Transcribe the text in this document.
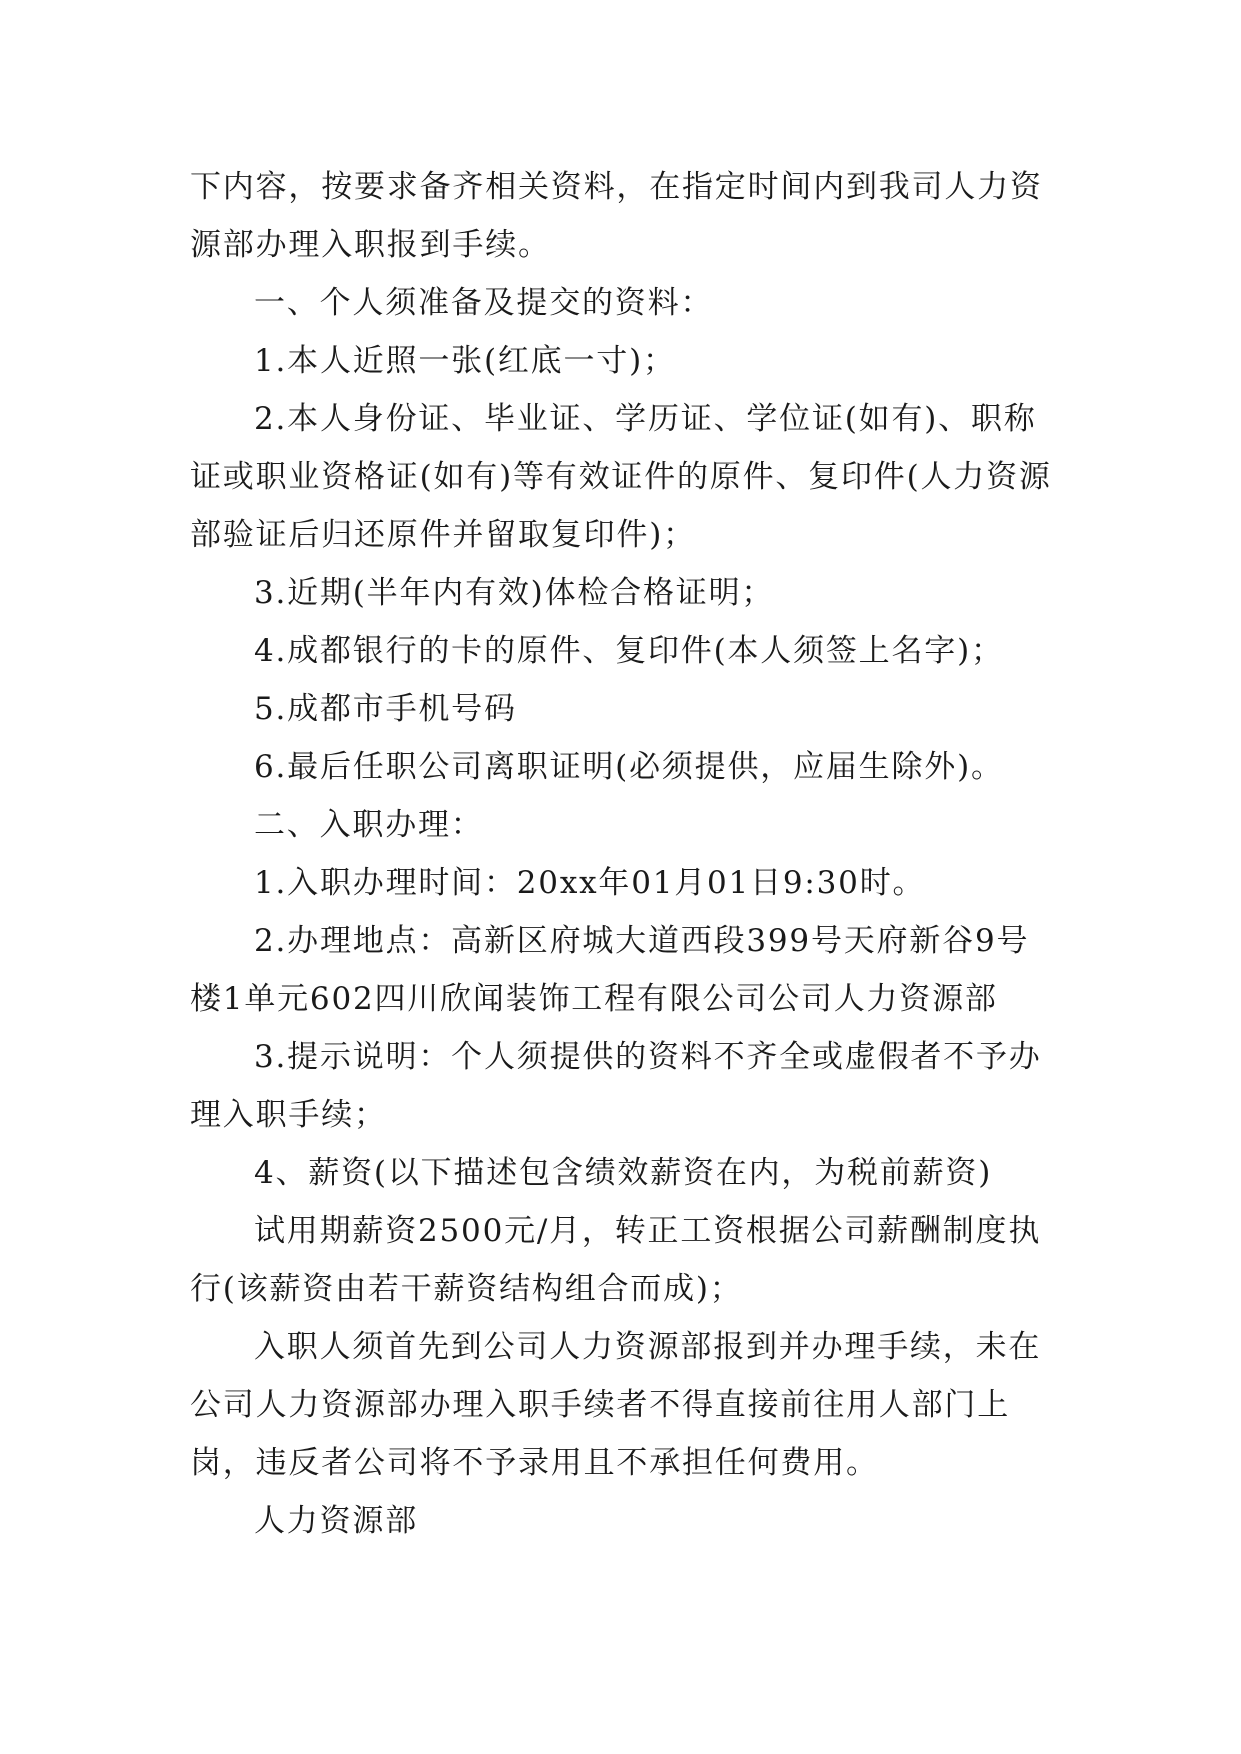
下内容，按要求备齐相关资料，在指定时间内到我司人力资源部办理入职报到手续。

一、个人须准备及提交的资料：

1.本人近照一张(红底一寸)；

2.本人身份证、毕业证、学历证、学位证(如有)、职称证或职业资格证(如有)等有效证件的原件、复印件(人力资源部验证后归还原件并留取复印件)；

3.近期(半年内有效)体检合格证明；

4.成都银行的卡的原件、复印件(本人须签上名字)；

5.成都市手机号码

6.最后任职公司离职证明(必须提供，应届生除外)。

二、入职办理：

1.入职办理时间：20xx年01月01日9:30时。

2.办理地点：高新区府城大道西段399号天府新谷9号楼1单元602四川欣闻装饰工程有限公司公司人力资源部

3.提示说明：个人须提供的资料不齐全或虚假者不予办理入职手续；

4、薪资(以下描述包含绩效薪资在内，为税前薪资)

试用期薪资2500元/月，转正工资根据公司薪酬制度执行(该薪资由若干薪资结构组合而成)；

入职人须首先到公司人力资源部报到并办理手续，未在公司人力资源部办理入职手续者不得直接前往用人部门上岗，违反者公司将不予录用且不承担任何费用。

人力资源部
